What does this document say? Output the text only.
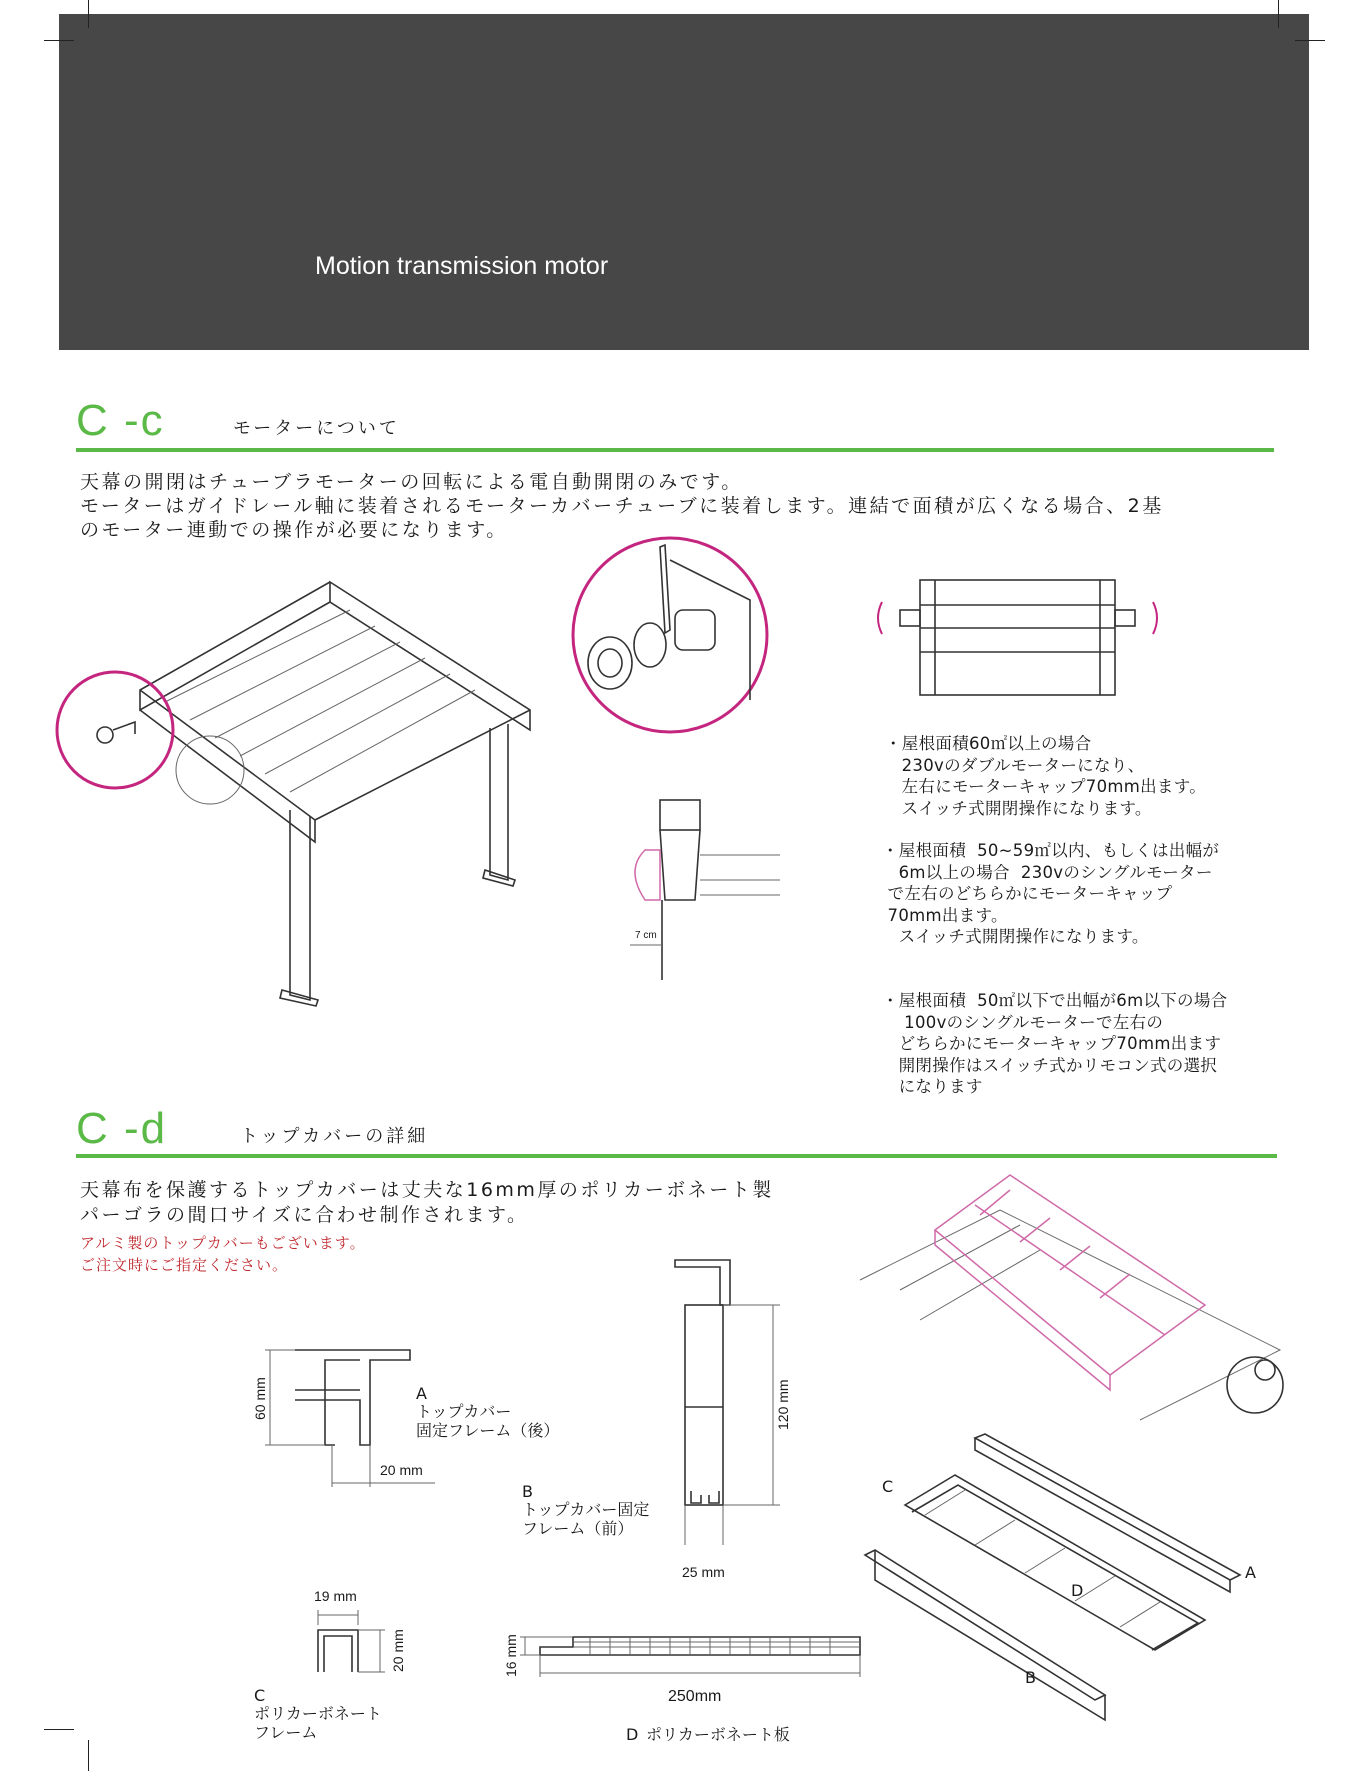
Motion transmission motor
C -c	モーターについて
天幕の開閉はチューブラモーターの回転による電自動開閉のみです。
モーターはガイドレール軸に装着されるモーターカバーチューブに装着します。連結で面積が広くなる場合、2基
のモーター連動での操作が必要になります。
7 cm
・屋根面積60㎡以上の場合
230vのダブルモーターになり、
左右にモーターキャップ70mm出ます。
スイッチ式開閉操作になります。
・屋根面積  50~59㎡以内、もしくは出幅が
6m以上の場合  230vのシングルモーター
で左右のどちらかにモーターキャップ
70mm出ます。
スイッチ式開閉操作になります。
・屋根面積  50㎡以下で出幅が6m以下の場合
100vのシングルモーターで左右の
どちらかにモーターキャップ70mm出ます
開閉操作はスイッチ式かリモコン式の選択
になります
C -d	トップカバーの詳細
天幕布を保護するトップカバーは丈夫な16mm厚のポリカーボネート製
パーゴラの間口サイズに合わせ制作されます。
アルミ製のトップカバーもございます。
ご注文時にご指定ください。
60 mm
20 mm
A
トップカバー
固定フレーム（後）
120 mm
25 mm
B
トップカバー固定
フレーム（前）
C
A
D
B
19 mm
20 mm
C
ポリカーボネート
フレーム
16 mm
250mm
D ポリカーボネート板
